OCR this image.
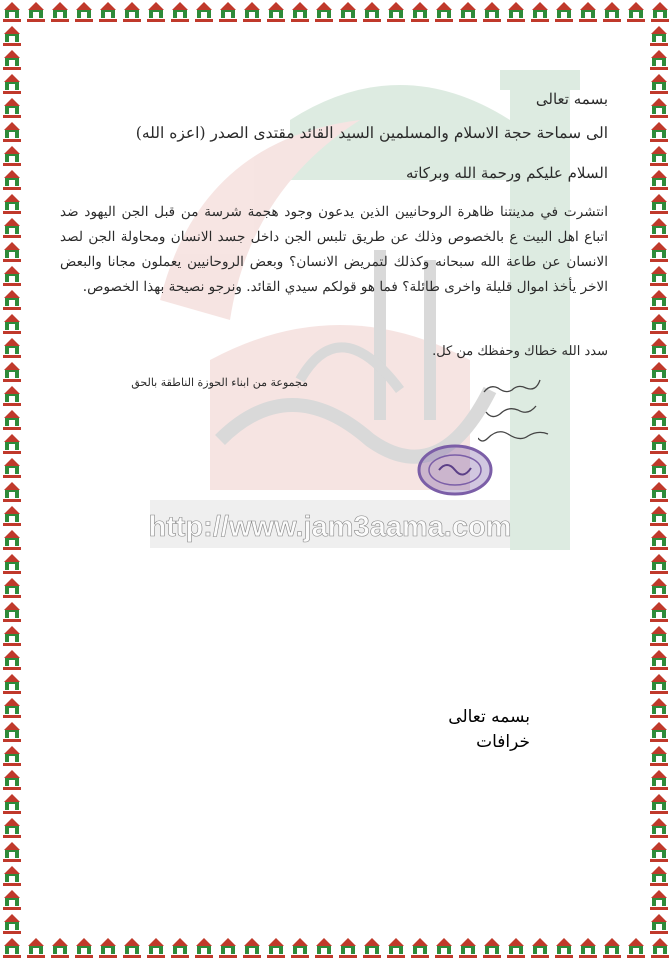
http://www.jam3aama.com
بسمه تعالى
الى سماحة حجة الاسلام والمسلمين السيد القائد مقتدى الصدر (اعزه الله)
السلام عليكم ورحمة الله وبركاته
انتشرت في مدينتنا ظاهرة الروحانيين الذين يدعون وجود هجمة شرسة من قبل الجن اليهود ضد اتباع اهل البيت ع بالخصوص وذلك عن طريق تلبس الجن داخل جسد الانسان ومحاولة الجن لصد الانسان عن طاعة الله سبحانه وكذلك لتمريض الانسان؟ وبعض الروحانيين يعملون مجانا والبعض الاخر يأخذ اموال قليلة واخرى طائلة؟ فما هو قولكم سيدي القائد. ونرجو نصيحة بهذا الخصوص.
سدد الله خطاك وحفظك من كل.
مجموعة من ابناء الحوزة الناطقة بالحق
بسمه تعالى
خرافات
